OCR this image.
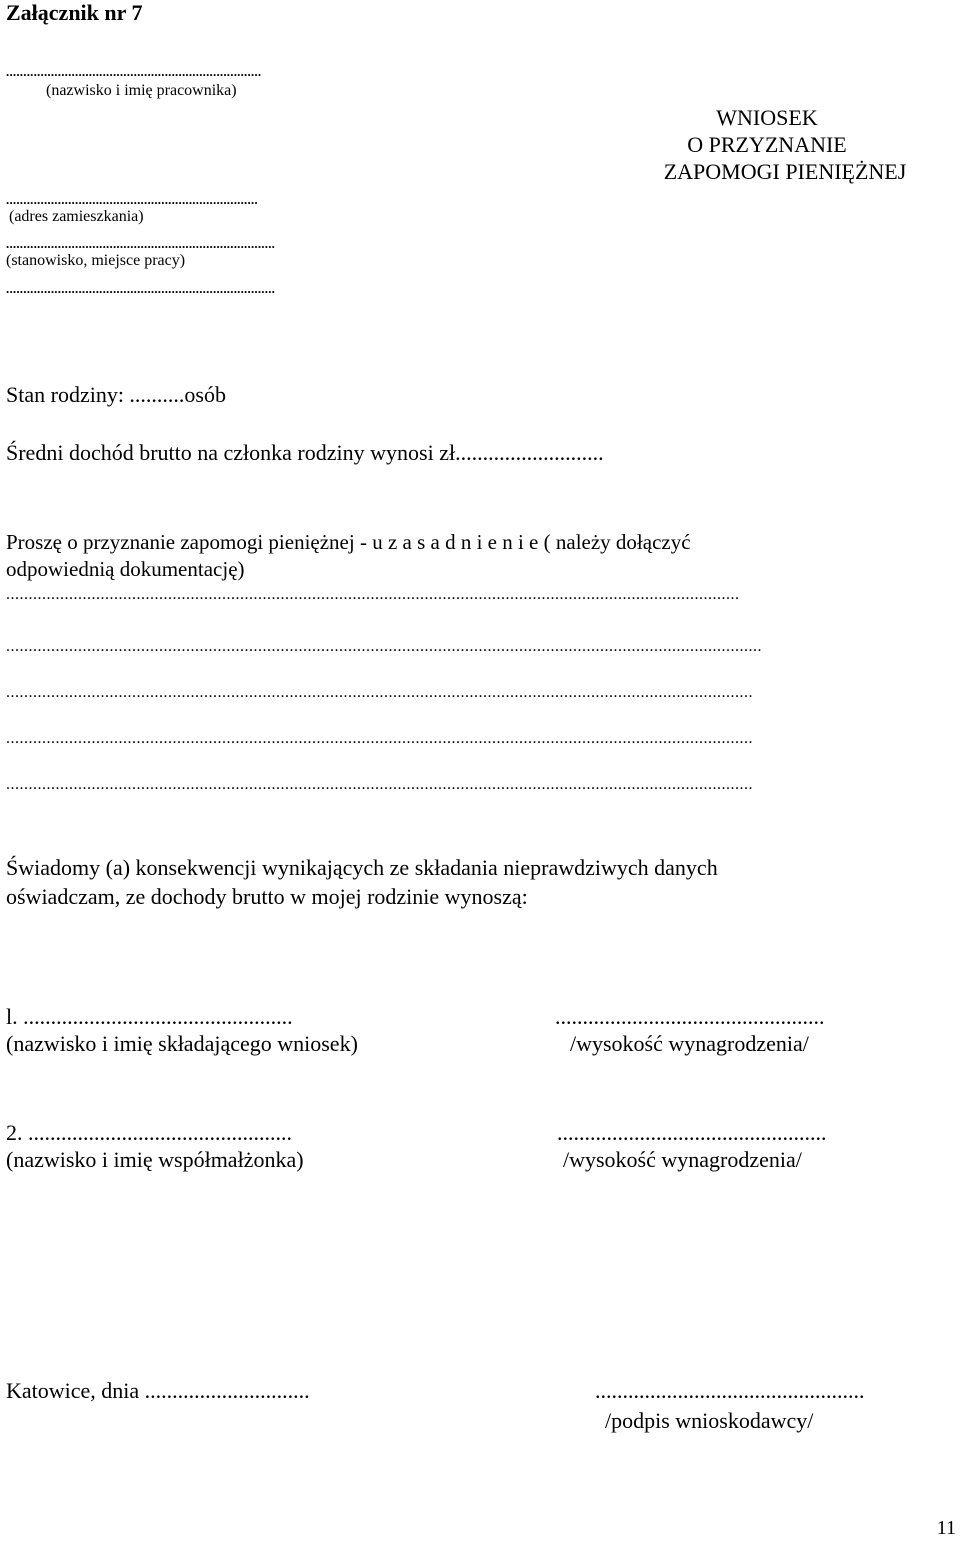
Załącznik nr 7
..........................................................................
(nazwisko i imię pracownika)
.........................................................................
(adres zamieszkania)
..............................................................................
(stanowisko, miejsce pracy)
..............................................................................
WNIOSEK
O PRZYZNANIE
ZAPOMOGI PIENIĘŻNEJ
Stan rodziny: ..........osób
Średni dochód brutto na członka rodziny wynosi zł...........................
Proszę o przyznanie zapomogi pieniężnej - u z a s a d n i e n i e ( należy dołączyć
odpowiednią dokumentację)
...................................................................................................................................................................
........................................................................................................................................................................
......................................................................................................................................................................
......................................................................................................................................................................
......................................................................................................................................................................
Świadomy (a) konsekwencji wynikających ze składania nieprawdziwych danych
oświadczam, ze dochody brutto w mojej rodzinie wynoszą:
l. .................................................
(nazwisko i imię składającego wniosek)
.................................................
/wysokość wynagrodzenia/
2. ................................................
(nazwisko i imię współmałżonka)
.................................................
/wysokość wynagrodzenia/
Katowice, dnia ..............................	.................................................
/podpis wnioskodawcy/
11
